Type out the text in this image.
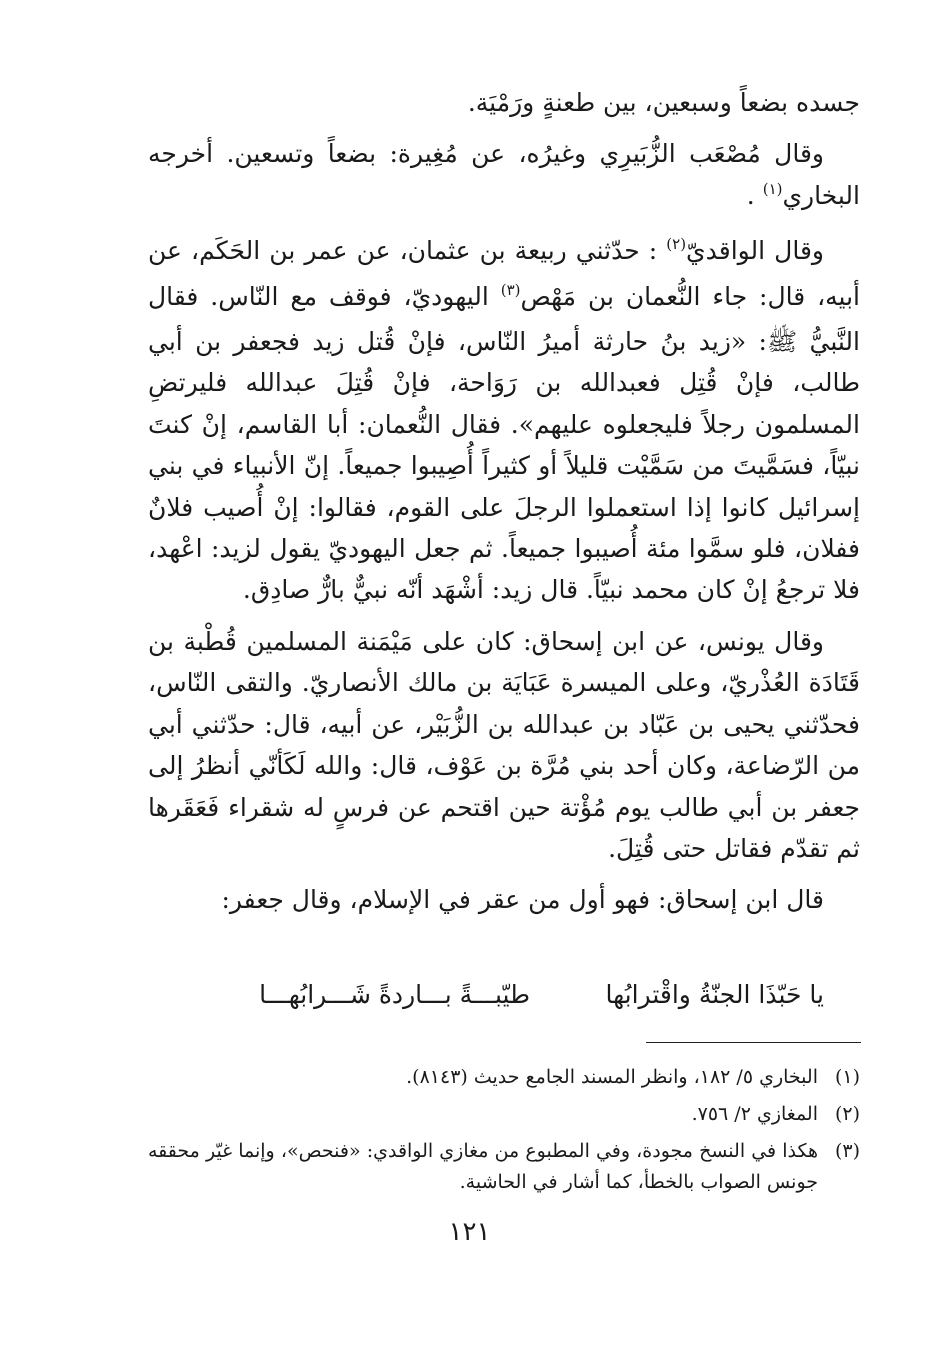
جسده بضعاً وسبعين، بين طعنةٍ ورَمْيَة.

وقال مُصْعَب الزُّبَيرِي وغيرُه، عن مُغِيرة: بضعاً وتسعين. أخرجه البخاري$^{(١)}$ .

وقال الواقديّ$^{(٢)}$ : حدّثني ربيعة بن عثمان، عن عمر بن الحَكَم، عن أبيه، قال: جاء النُّعمان بن مَهْص$^{(٣)}$ اليهوديّ، فوقف مع النّاس. فقال النَّبيُّ ﷺ: «زيد بنُ حارثة أميرُ النّاس، فإنْ قُتل زيد فجعفر بن أبي طالب، فإنْ قُتِل فعبدالله بن رَوَاحة، فإنْ قُتِلَ عبدالله فليرتضِ المسلمون رجلاً فليجعلوه عليهم». فقال النُّعمان: أبا القاسم، إنْ كنتَ نبيّاً، فسَمَّيتَ من سَمَّيْت قليلاً أو كثيراً أُصِيبوا جميعاً. إنّ الأنبياء في بني إسرائيل كانوا إذا استعملوا الرجلَ على القوم، فقالوا: إنْ أُصيب فلانٌ ففلان، فلو سمَّوا مئة أُصيبوا جميعاً. ثم جعل اليهوديّ يقول لزيد: اعْهد، فلا ترجعُ إنْ كان محمد نبيّاً. قال زيد: أشْهَد أنّه نبيٌّ بارٌّ صادِق.

وقال يونس، عن ابن إسحاق: كان على مَيْمَنة المسلمين قُطْبة بن قَتَادَة العُذْريّ، وعلى الميسرة عَبَايَة بن مالك الأنصاريّ. والتقى النّاس، فحدّثني يحيى بن عَبّاد بن عبدالله بن الزُّبَيْر، عن أبيه، قال: حدّثني أبي من الرّضاعة، وكان أحد بني مُرَّة بن عَوْف، قال: والله لَكَأنّي أنظرُ إلى جعفر بن أبي طالب يوم مُؤْتة حين اقتحم عن فرسٍ له شقراء فَعَقَرها ثم تقدّم فقاتل حتى قُتِلَ.

قال ابن إسحاق: فهو أول من عقر في الإسلام، وقال جعفر:

يا حَبّذَا الجنّةُ واقْترابُها
طيّبـــةً بـــاردةً شَـــرابُهـــا
(١)
البخاري ٥/ ١٨٢، وانظر المسند الجامع حديث (٨١٤٣).
(٢)
المغازي ٢/ ٧٥٦.
(٣)
هكذا في النسخ مجودة، وفي المطبوع من مغازي الواقدي: «فنحص»، وإنما غيّر محققه جونس الصواب بالخطأ، كما أشار في الحاشية.
١٢١
